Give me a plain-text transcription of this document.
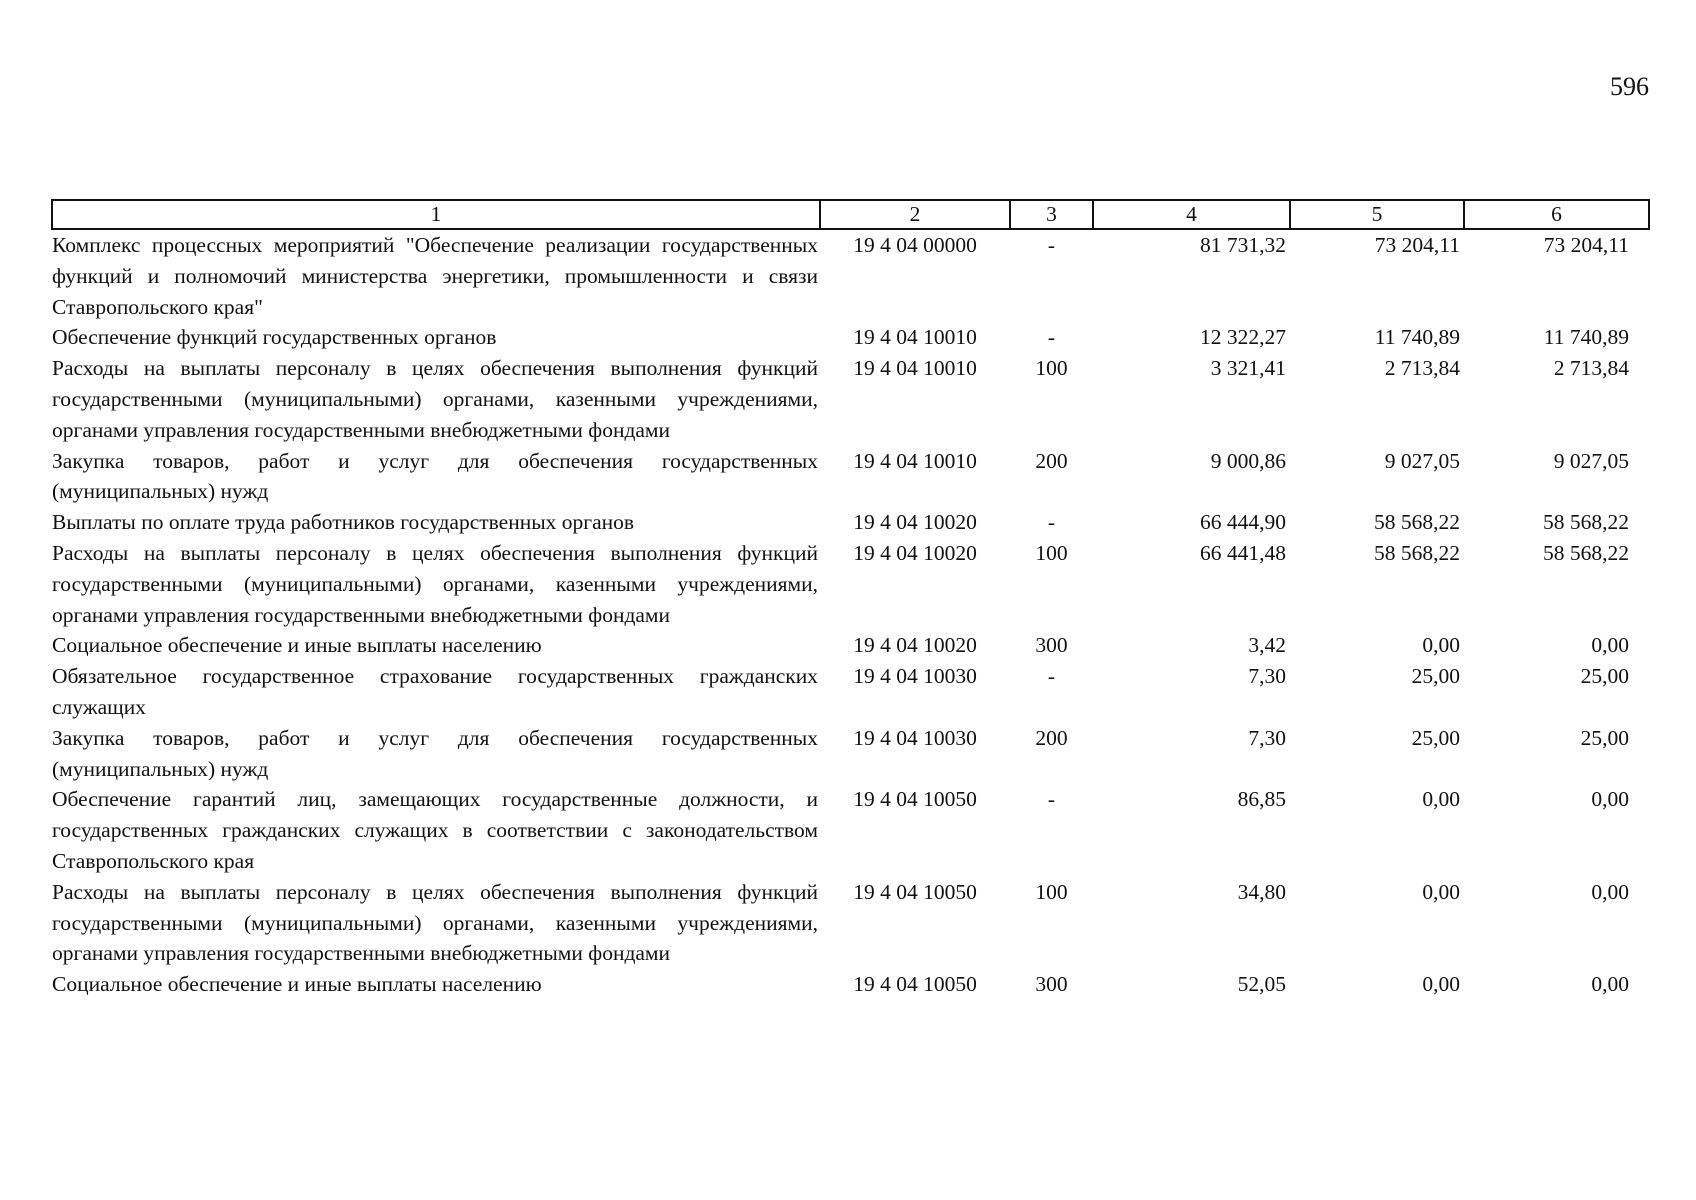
596
1	2	3	4	5	6
Комплекс процессных мероприятий "Обеспечение реализации государственных функций и полномочий министерства энергетики, промышленности и связи Ставропольского края"	19 4 04 00000	-	81 731,32	73 204,11	73 204,11
Обеспечение функций государственных органов	19 4 04 10010	-	12 322,27	11 740,89	11 740,89
Расходы на выплаты персоналу в целях обеспечения выполнения функций государственными (муниципальными) органами, казенными учреждениями, органами управления государственными внебюджетными фондами	19 4 04 10010	100	3 321,41	2 713,84	2 713,84
Закупка товаров, работ и услуг для обеспечения государственных (муниципальных) нужд	19 4 04 10010	200	9 000,86	9 027,05	9 027,05
Выплаты по оплате труда работников государственных органов	19 4 04 10020	-	66 444,90	58 568,22	58 568,22
Расходы на выплаты персоналу в целях обеспечения выполнения функций государственными (муниципальными) органами, казенными учреждениями, органами управления государственными внебюджетными фондами	19 4 04 10020	100	66 441,48	58 568,22	58 568,22
Социальное обеспечение и иные выплаты населению	19 4 04 10020	300	3,42	0,00	0,00
Обязательное государственное страхование государственных гражданских служащих	19 4 04 10030	-	7,30	25,00	25,00
Закупка товаров, работ и услуг для обеспечения государственных (муниципальных) нужд	19 4 04 10030	200	7,30	25,00	25,00
Обеспечение гарантий лиц, замещающих государственные должности, и государственных гражданских служащих в соответствии с законодательством Ставропольского края	19 4 04 10050	-	86,85	0,00	0,00
Расходы на выплаты персоналу в целях обеспечения выполнения функций государственными (муниципальными) органами, казенными учреждениями, органами управления государственными внебюджетными фондами	19 4 04 10050	100	34,80	0,00	0,00
Социальное обеспечение и иные выплаты населению	19 4 04 10050	300	52,05	0,00	0,00
